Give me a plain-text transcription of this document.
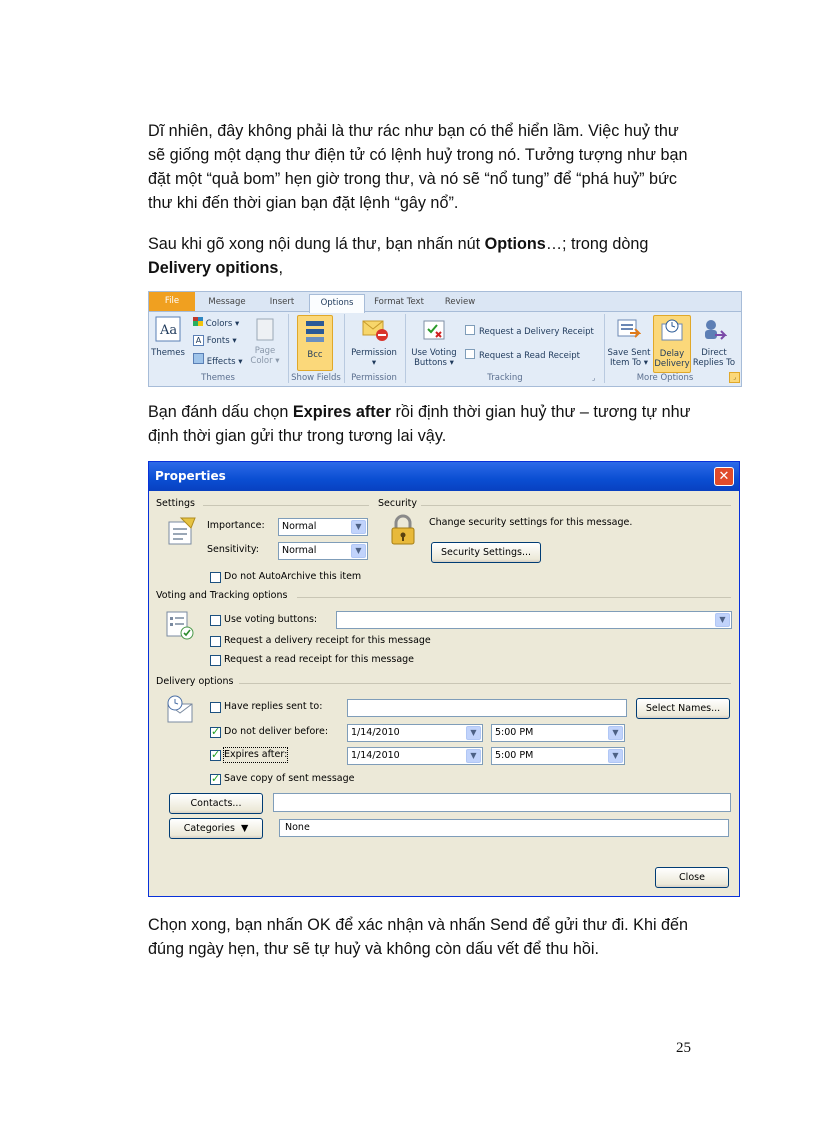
Dĩ nhiên, đây không phải là thư rác như bạn có thể hiển lầm. Việc huỷ thư sẽ giống một dạng thư điện tử có lệnh huỷ trong nó. Tưởng tượng như bạn đặt một “quả bom” hẹn giờ trong thư, và nó sẽ “nổ tung” để “phá huỷ” bức thư khi đến thời gian bạn đặt lệnh “gây nổ”.

Sau khi gõ xong nội dung lá thư, bạn nhấn nút Options…; trong dòng Delivery opitions,

File	Message	Insert	Options	Format Text	Review
Aa
Themes
Colors ▾
A Fonts ▾
Effects ▾
Page
Color ▾
Themes
Bcc
Show Fields
Permission
▾
Permission
Use Voting
Buttons ▾
Request a Delivery Receipt
Request a Read Receipt
Tracking	⌟
Save Sent
Item To ▾
Delay
Delivery
Direct
Replies To
More Options	⌟

Bạn đánh dấu chọn Expires after rồi định thời gian huỷ thư – tương tự như định thời gian gửi thư trong tương lai vậy.

Properties	✕
Settings
Importance: Normal	▼
Sensitivity: Normal	▼
Do not AutoArchive this item
Security
Change security settings for this message.
Security Settings...
Voting and Tracking options
Use voting buttons:	▼
Request a delivery receipt for this message
Request a read receipt for this message
Delivery options
Have replies sent to:	Select Names...
✓
Do not deliver before: 1/14/2010	▼	5:00 PM	▼
✓
Expires after:	1/14/2010	▼	5:00 PM	▼
✓
Save copy of sent message
Contacts...
Categories ▼	None
Close

Chọn xong, bạn nhấn OK để xác nhận và nhấn Send để gửi thư đi. Khi đến đúng ngày hẹn, thư sẽ tự huỷ và không còn dấu vết để thu hồi.

25
